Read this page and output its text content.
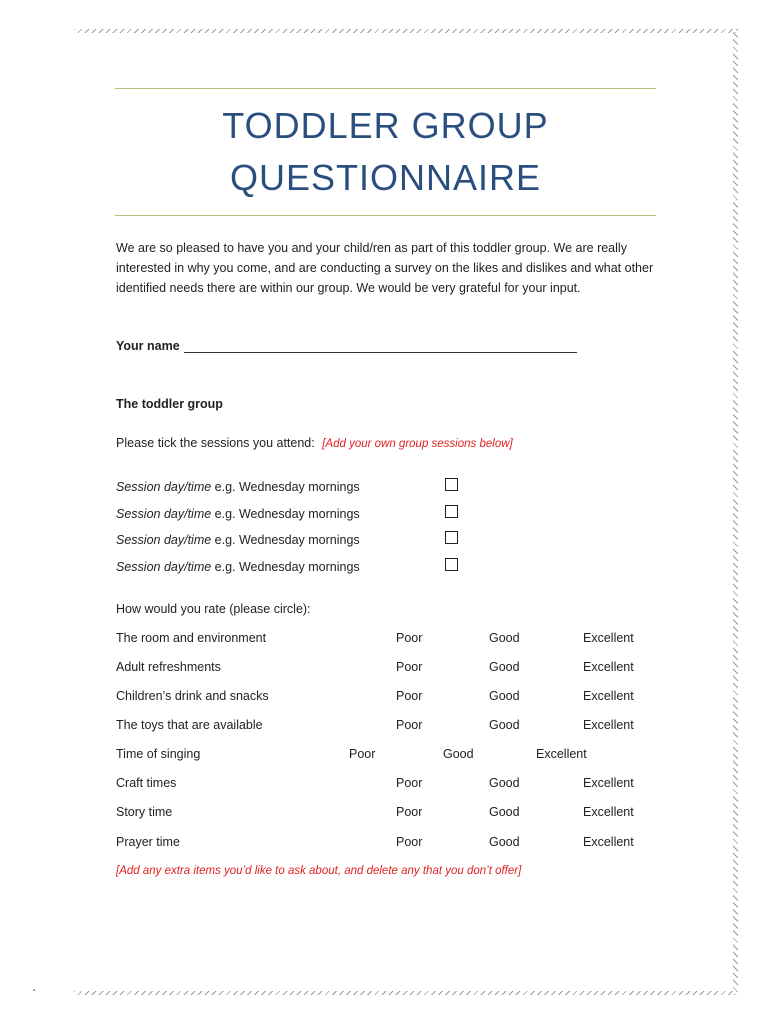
TODDLER GROUP
QUESTIONNAIRE
We are so pleased to have you and your child/ren as part of this toddler group. We are really interested in why you come, and are conducting a survey on the likes and dislikes and what other identified needs there are within our group. We would be very grateful for your input.
Your name
The toddler group
Please tick the sessions you attend: [Add your own group sessions below]
Session day/time e.g. Wednesday mornings
Session day/time e.g. Wednesday mornings
Session day/time e.g. Wednesday mornings
Session day/time e.g. Wednesday mornings
How would you rate (please circle):
The room and environment	Poor	Good	Excellent
Adult refreshments	Poor	Good	Excellent
Children’s drink and snacks	Poor	Good	Excellent
The toys that are available	Poor	Good	Excellent
Time of singing	Poor	Good	Excellent
Craft times	Poor	Good	Excellent
Story time	Poor	Good	Excellent
Prayer time	Poor	Good	Excellent
[Add any extra items you’d like to ask about, and delete any that you don’t offer]
